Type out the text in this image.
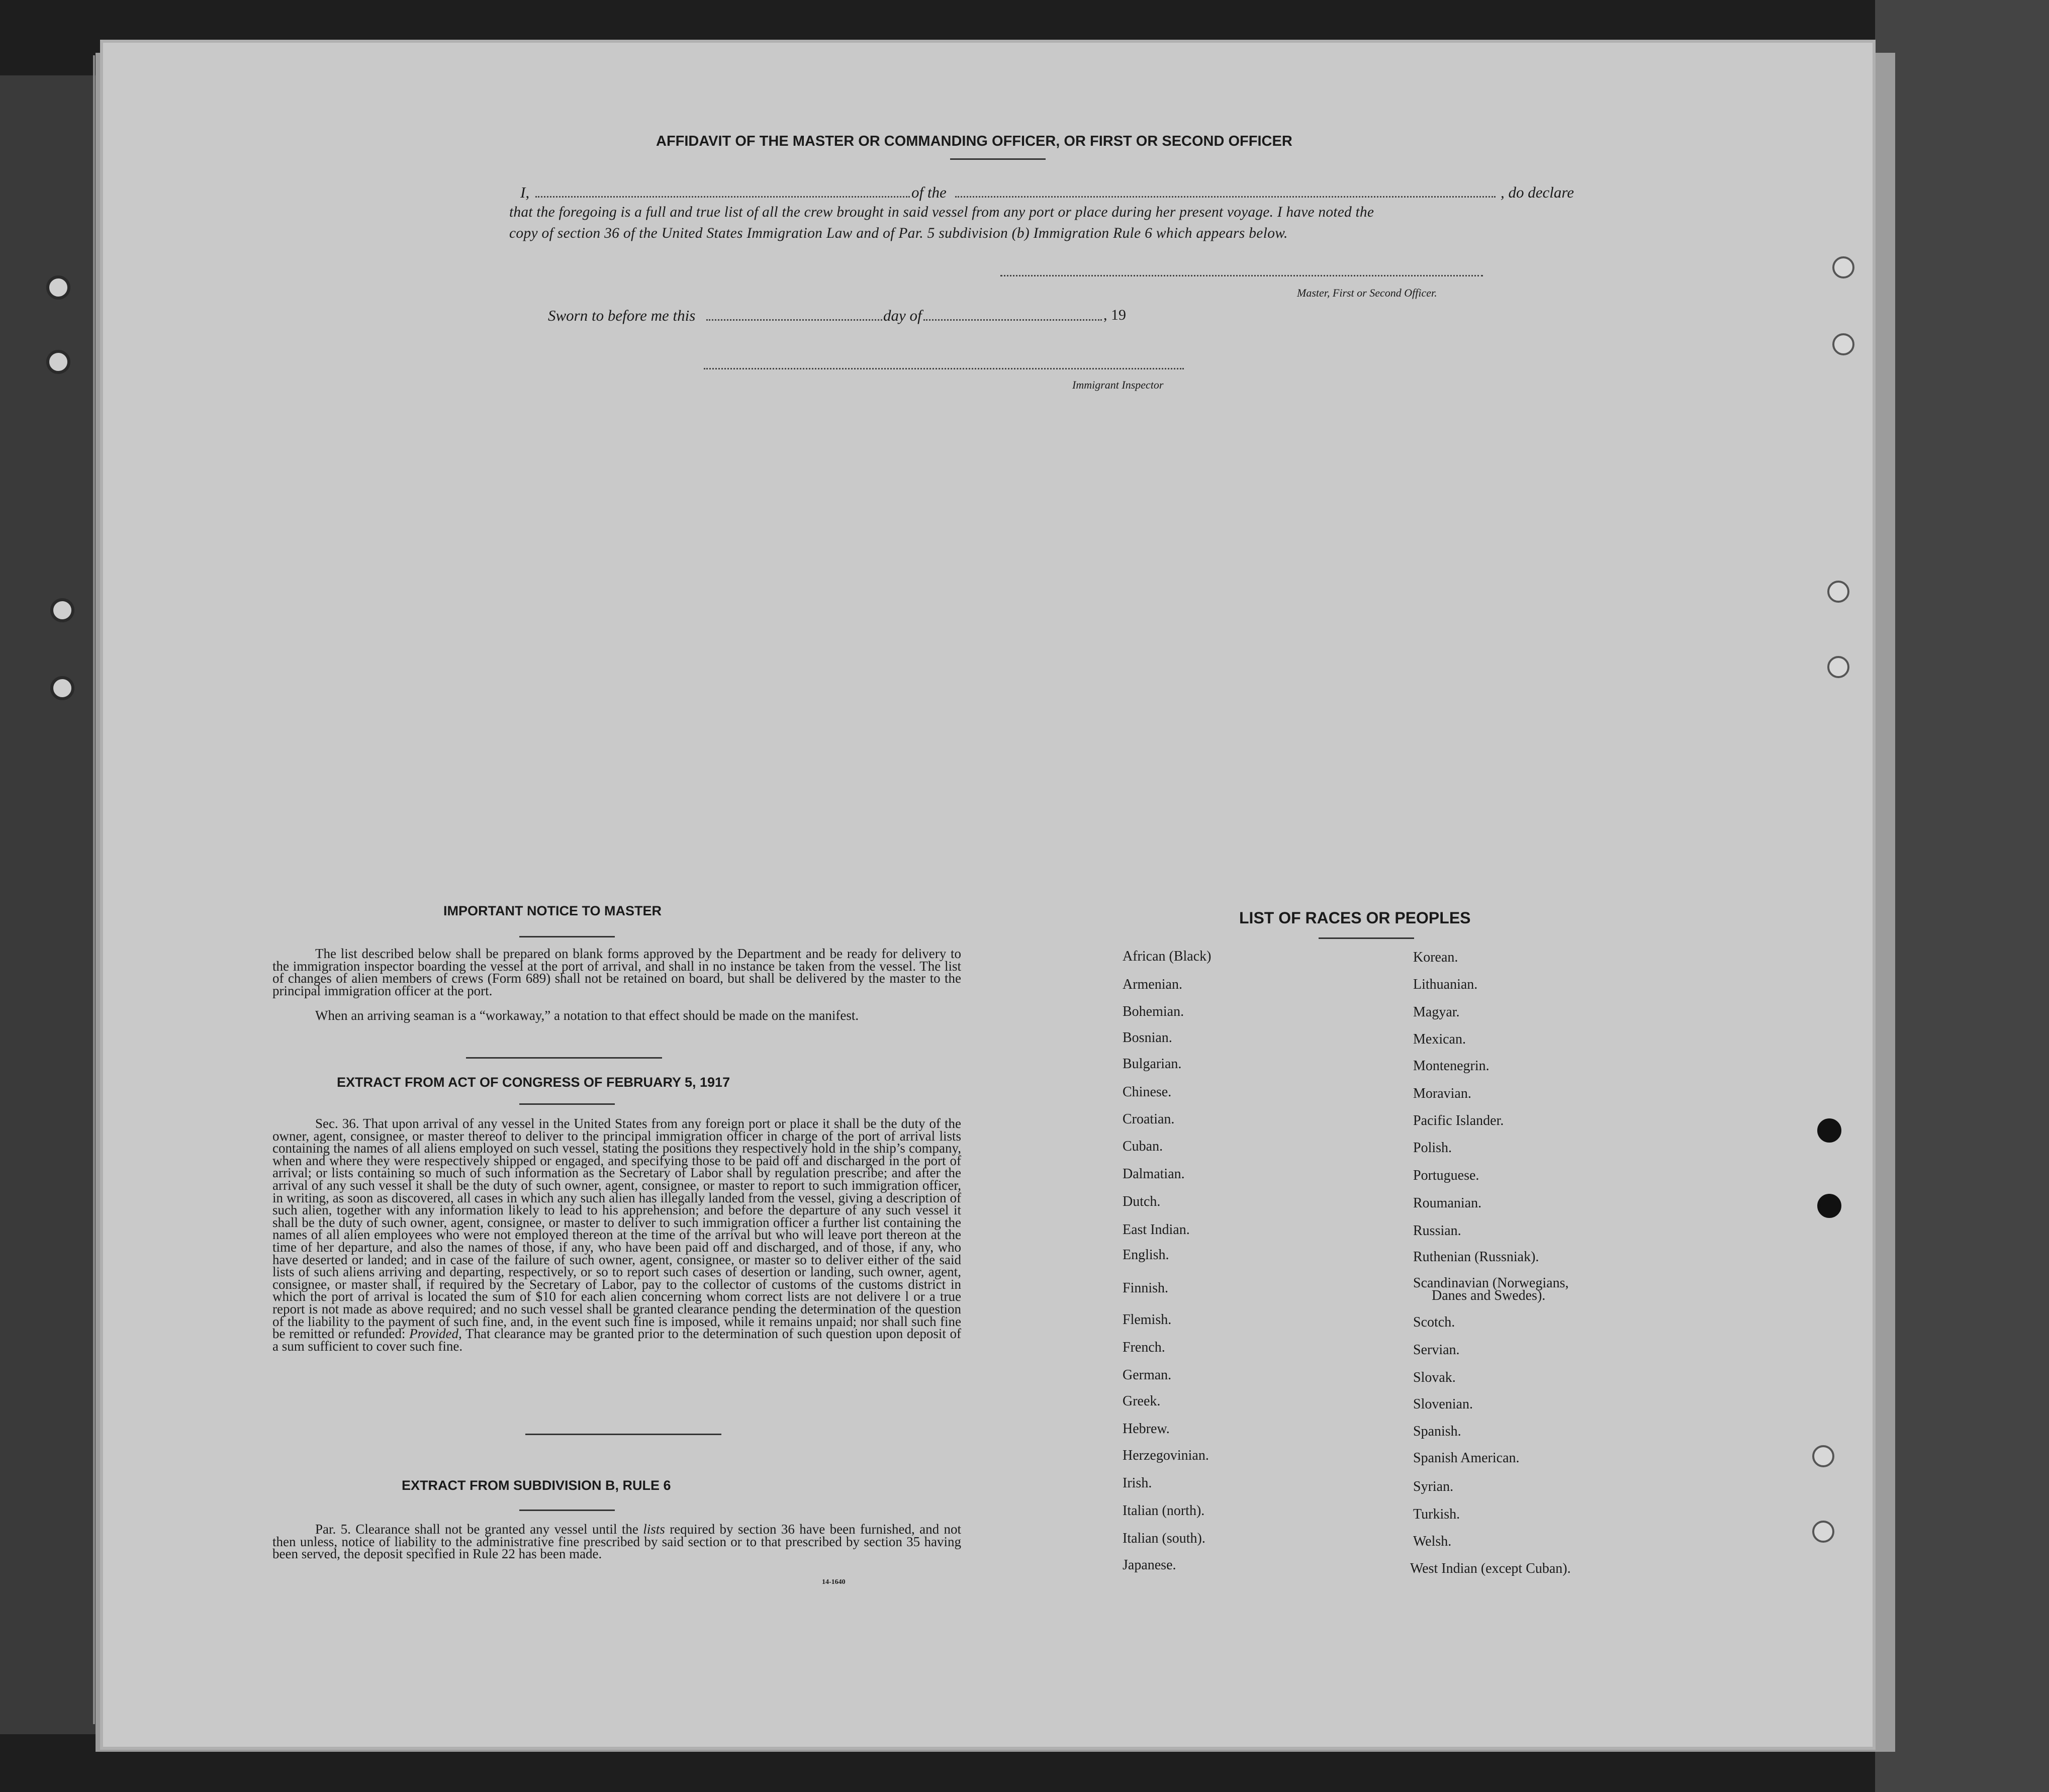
AFFIDAVIT OF THE MASTER OR COMMANDING OFFICER, OR FIRST OR SECOND OFFICER
I,	of the	, do declare
that the foregoing is a full and true list of all the crew brought in said vessel from any port or place during her present voyage. I have noted the
copy of section 36 of the United States Immigration Law and of Par. 5 subdivision (b) Immigration Rule 6 which appears below.
Master, First or Second Officer.
Sworn to before me this	day of	, 19
Immigrant Inspector
IMPORTANT NOTICE TO MASTER
The list described below shall be prepared on blank forms approved by the Department and be ready for delivery to the immigration inspector boarding the vessel at the port of arrival, and shall in no instance be taken from the vessel. The list of changes of alien members of crews (Form 689) shall not be retained on board, but shall be delivered by the master to the principal immigration officer at the port.
When an arriving seaman is a “workaway,” a notation to that effect should be made on the manifest.
EXTRACT FROM ACT OF CONGRESS OF FEBRUARY 5, 1917
Sec. 36. That upon arrival of any vessel in the United States from any foreign port or place it shall be the duty of the owner, agent, consignee, or master thereof to deliver to the principal immigration officer in charge of the port of arrival lists containing the names of all aliens employed on such vessel, stating the positions they respectively hold in the ship’s company, when and where they were respectively shipped or engaged, and specifying those to be paid off and discharged in the port of arrival; or lists containing so much of such information as the Secretary of Labor shall by regulation prescribe; and after the arrival of any such vessel it shall be the duty of such owner, agent, consignee, or master to report to such immigration officer, in writing, as soon as discovered, all cases in which any such alien has illegally landed from the vessel, giving a description of such alien, together with any information likely to lead to his apprehension; and before the departure of any such vessel it shall be the duty of such owner, agent, consignee, or master to deliver to such immigration officer a further list containing the names of all alien employees who were not employed thereon at the time of the arrival but who will leave port thereon at the time of her departure, and also the names of those, if any, who have been paid off and discharged, and of those, if any, who have deserted or landed; and in case of the failure of such owner, agent, consignee, or master so to deliver either of the said lists of such aliens arriving and departing, respectively, or so to report such cases of desertion or landing, such owner, agent, consignee, or master shall, if required by the Secretary of Labor, pay to the collector of customs of the customs district in which the port of arrival is located the sum of $10 for each alien concerning whom correct lists are not delivere l or a true report is not made as above required; and no such vessel shall be granted clearance pending the determination of the question of the liability to the payment of such fine, and, in the event such fine is imposed, while it remains unpaid; nor shall such fine be remitted or refunded: Provided, That clearance may be granted prior to the determination of such question upon deposit of a sum sufficient to cover such fine.
EXTRACT FROM SUBDIVISION B, RULE 6
Par. 5. Clearance shall not be granted any vessel until the lists required by section 36 have been furnished, and not then unless, notice of liability to the administrative fine prescribed by said section or to that prescribed by section 35 having been served, the deposit specified in Rule 22 has been made.
14-1640
LIST OF RACES OR PEOPLES
African (Black)
Armenian.
Bohemian.
Bosnian.
Bulgarian.
Chinese.
Croatian.
Cuban.
Dalmatian.
Dutch.
East Indian.
English.
Finnish.
Flemish.
French.
German.
Greek.
Hebrew.
Herzegovinian.
Irish.
Italian (north).
Italian (south).
Japanese.
Korean.
Lithuanian.
Magyar.
Mexican.
Montenegrin.
Moravian.
Pacific Islander.
Polish.
Portuguese.
Roumanian.
Russian.
Ruthenian (Russniak).
Scandinavian (Norwegians,
Danes and Swedes).
Scotch.
Servian.
Slovak.
Slovenian.
Spanish.
Spanish American.
Syrian.
Turkish.
Welsh.
West Indian (except Cuban).
